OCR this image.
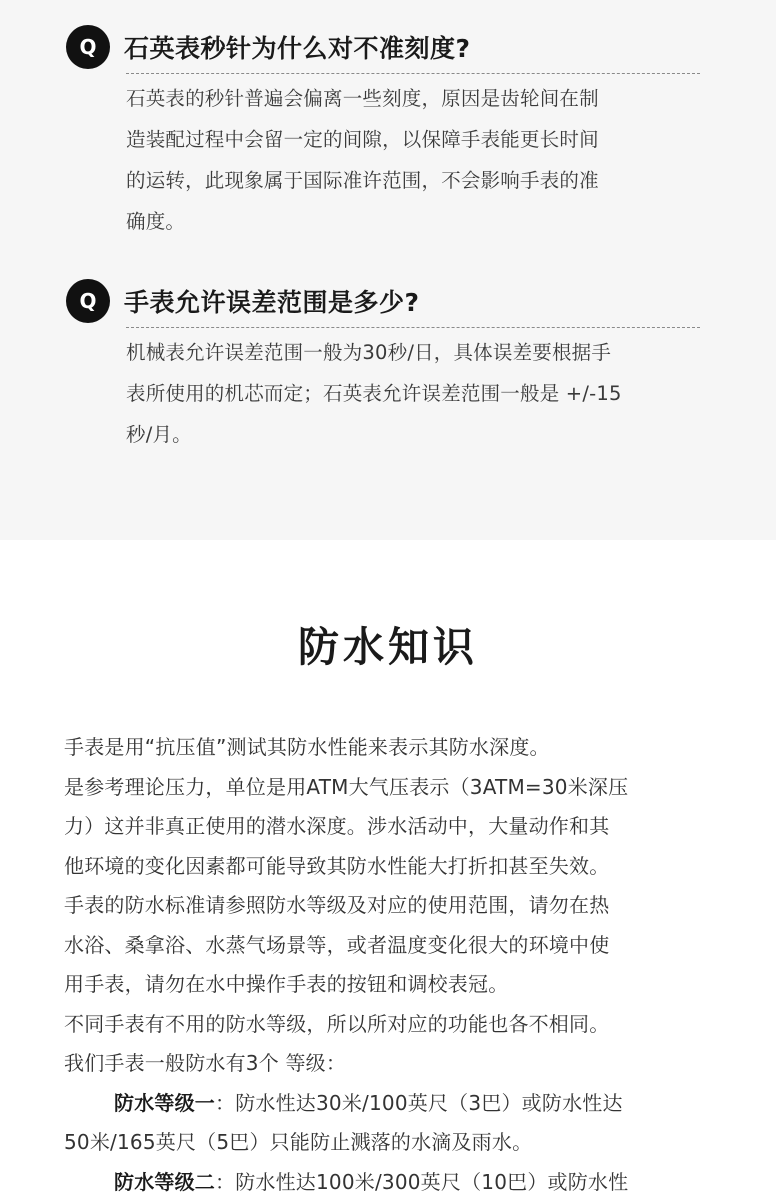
Q	石英表秒针为什么对不准刻度?
石英表的秒针普遍会偏离一些刻度，原因是齿轮间在制
造装配过程中会留一定的间隙，以保障手表能更长时间
的运转，此现象属于国际准许范围，不会影响手表的准
确度。
Q	手表允许误差范围是多少?
机械表允许误差范围一般为30秒/日，具体误差要根据手
表所使用的机芯而定；石英表允许误差范围一般是 +/-15
秒/月。
防水知识
手表是用“抗压值”测试其防水性能来表示其防水深度。
是参考理论压力，单位是用ATM大气压表示（3ATM=30米深压
力）这并非真正使用的潜水深度。涉水活动中，大量动作和其
他环境的变化因素都可能导致其防水性能大打折扣甚至失效。
手表的防水标准请参照防水等级及对应的使用范围，请勿在热
水浴、桑拿浴、水蒸气场景等，或者温度变化很大的环境中使
用手表，请勿在水中操作手表的按钮和调校表冠。
不同手表有不用的防水等级，所以所对应的功能也各不相同。
我们手表一般防水有3个 等级：
防水等级一：防水性达30米/100英尺（3巴）或防水性达
50米/165英尺（5巴）只能防止溅落的水滴及雨水。
防水等级二：防水性达100米/300英尺（10巴）或防水性
